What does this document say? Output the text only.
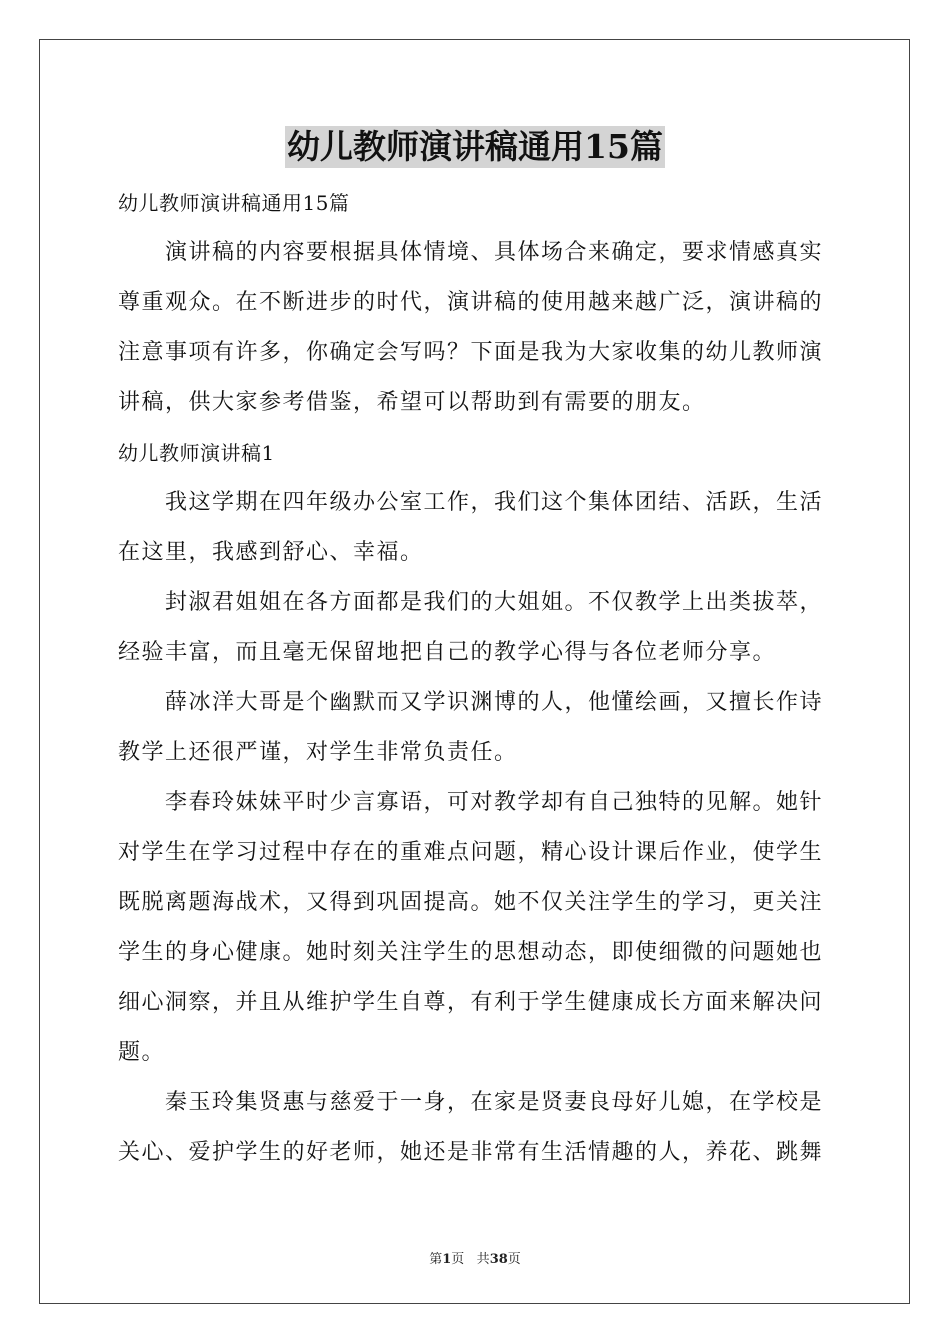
幼儿教师演讲稿通用15篇
幼儿教师演讲稿通用15篇
演讲稿的内容要根据具体情境、具体场合来确定，要求情感真实
尊重观众。在不断进步的时代，演讲稿的使用越来越广泛，演讲稿的
注意事项有许多，你确定会写吗？下面是我为大家收集的幼儿教师演
讲稿，供大家参考借鉴，希望可以帮助到有需要的朋友。
幼儿教师演讲稿1
我这学期在四年级办公室工作，我们这个集体团结、活跃，生活
在这里，我感到舒心、幸福。
封淑君姐姐在各方面都是我们的大姐姐。不仅教学上出类拔萃，
经验丰富，而且毫无保留地把自己的教学心得与各位老师分享。
薛冰洋大哥是个幽默而又学识渊博的人，他懂绘画，又擅长作诗
教学上还很严谨，对学生非常负责任。
李春玲妹妹平时少言寡语，可对教学却有自己独特的见解。她针
对学生在学习过程中存在的重难点问题，精心设计课后作业，使学生
既脱离题海战术，又得到巩固提高。她不仅关注学生的学习，更关注
学生的身心健康。她时刻关注学生的思想动态，即使细微的问题她也
细心洞察，并且从维护学生自尊，有利于学生健康成长方面来解决问
题。
秦玉玲集贤惠与慈爱于一身，在家是贤妻良母好儿媳，在学校是
关心、爱护学生的好老师，她还是非常有生活情趣的人，养花、跳舞
第1页 共38页
